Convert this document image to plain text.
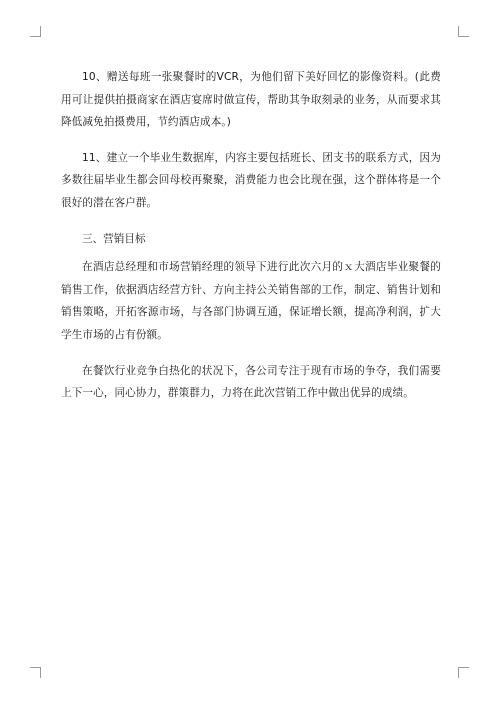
10、赠送每班一张聚餐时的VCR，为他们留下美好回忆的影像资料。(此费用可让提供拍摄商家在酒店宴席时做宣传，帮助其争取刻录的业务，从而要求其降低减免拍摄费用，节约酒店成本。)

11、建立一个毕业生数据库，内容主要包括班长、团支书的联系方式，因为多数往届毕业生都会回母校再聚聚，消费能力也会比现在强，这个群体将是一个很好的潜在客户群。

三、营销目标

在酒店总经理和市场营销经理的领导下进行此次六月的ｘ大酒店毕业聚餐的销售工作，依据酒店经营方针、方向主持公关销售部的工作，制定、销售计划和销售策略，开拓客源市场，与各部门协调互通，保证增长额，提高净利润，扩大学生市场的占有份额。

在餐饮行业竞争白热化的状况下，各公司专注于现有市场的争夺，我们需要上下一心，同心协力，群策群力，力将在此次营销工作中做出优异的成绩。
